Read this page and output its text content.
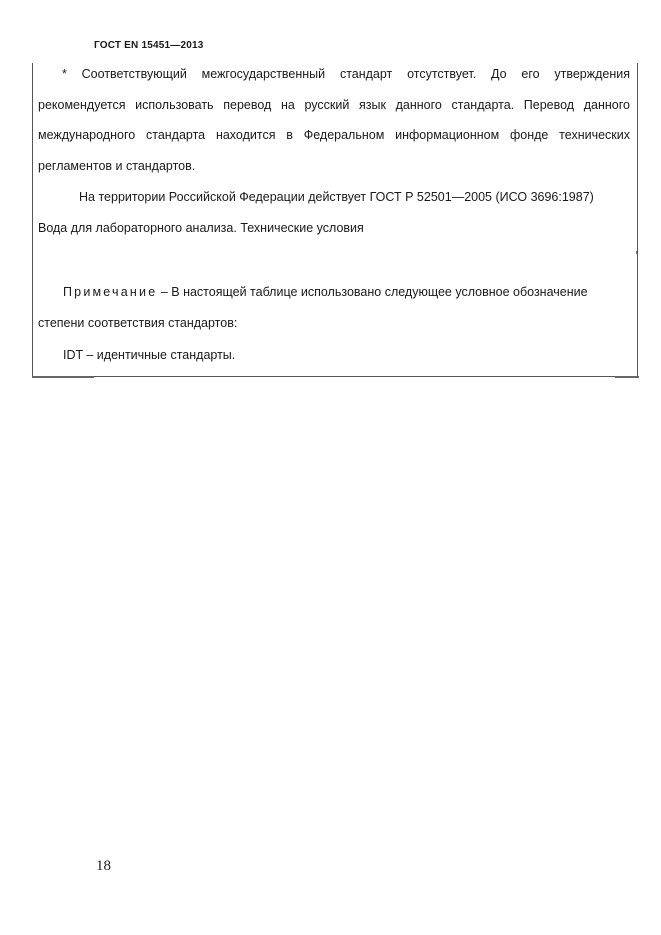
ГОСТ EN 15451—2013
* Соответствующий межгосударственный стандарт отсутствует. До его утверждения
рекомендуется использовать перевод на русский язык данного стандарта. Перевод данного
международного стандарта находится в Федеральном информационном фонде технических
регламентов и стандартов.
На территории Российской Федерации действует ГОСТ Р 52501—2005 (ИСО 3696:1987)
Вода для лабораторного анализа. Технические условия
Примечание – В настоящей таблице использовано следующее условное обозначение
степени соответствия стандартов:
IDT – идентичные стандарты.
18
